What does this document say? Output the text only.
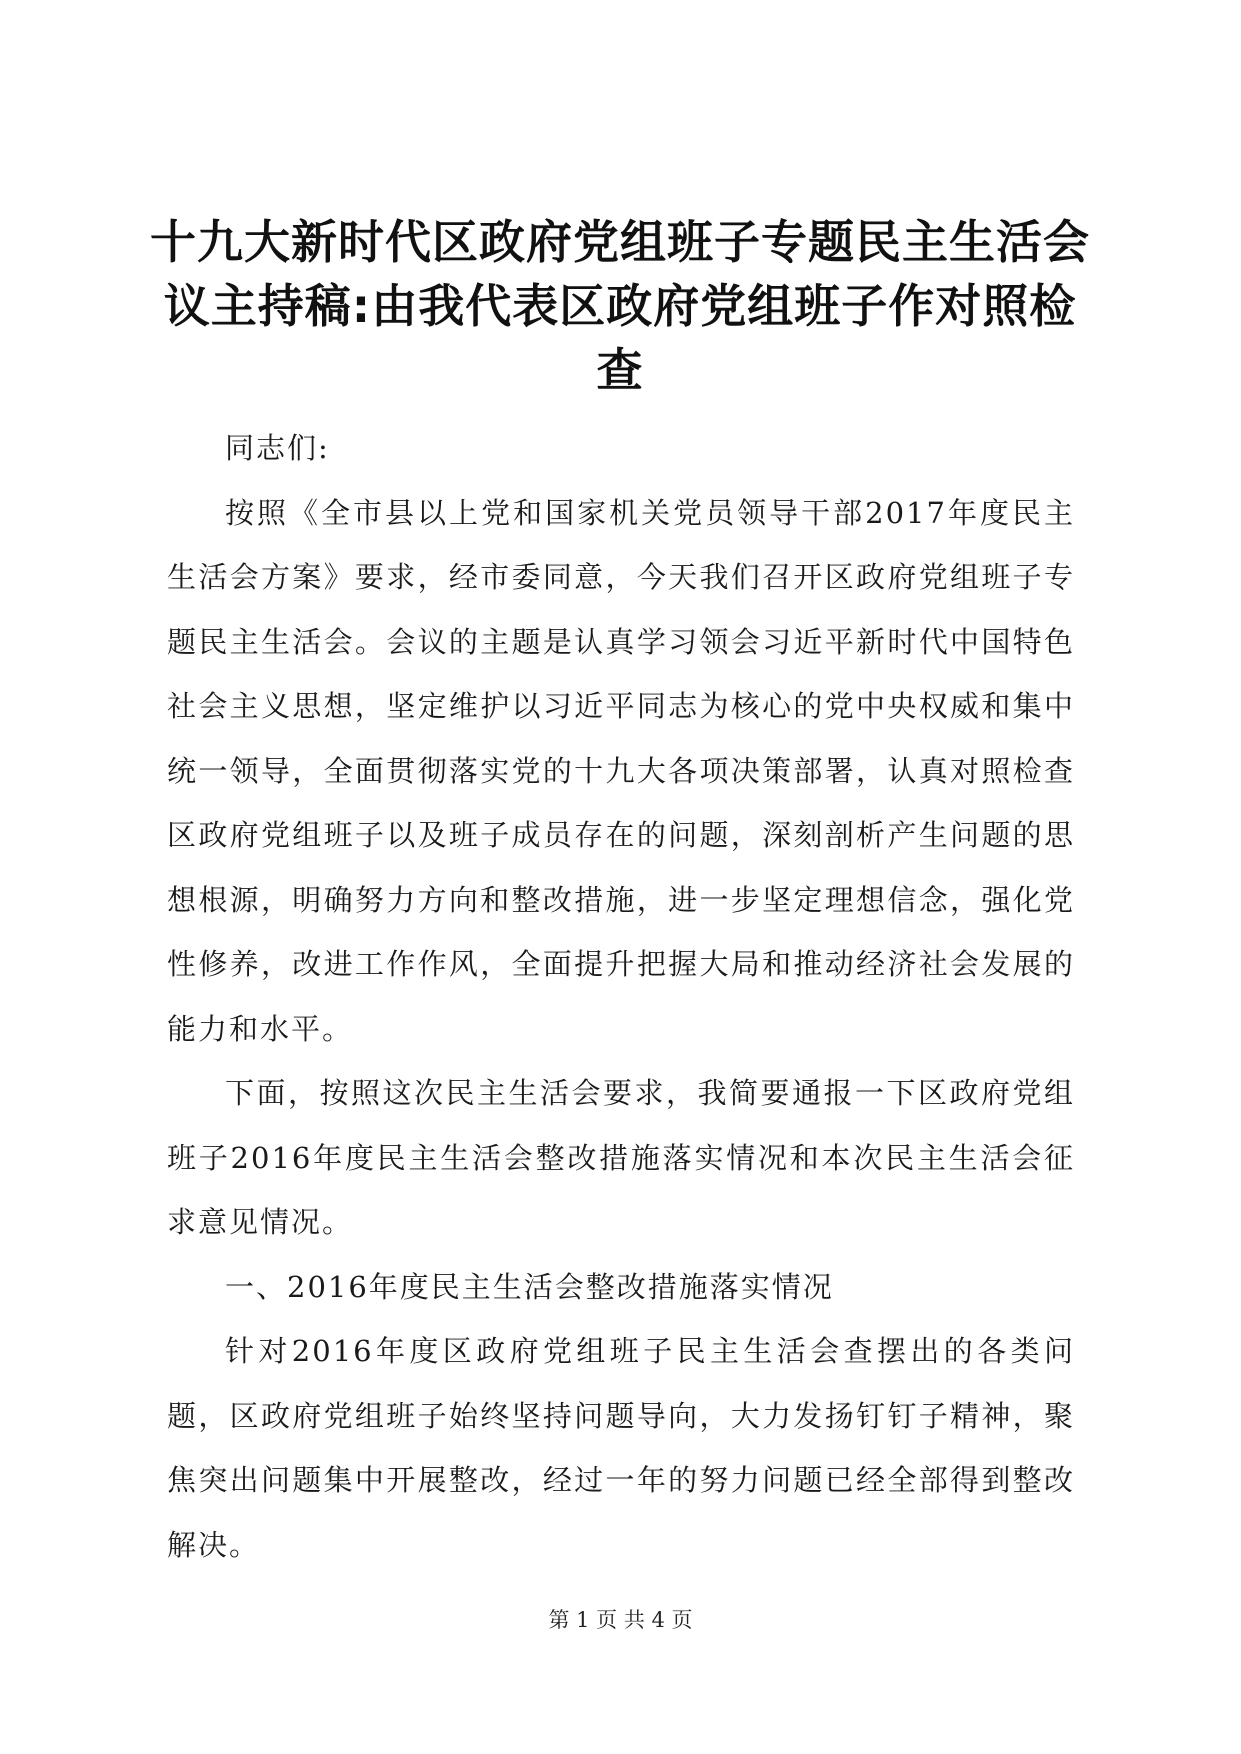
十九大新时代区政府党组班子专题民主生活会议主持稿:由我代表区政府党组班子作对照检查

同志们:

按照《全市县以上党和国家机关党员领导干部2017年度民主生活会方案》要求，经市委同意，今天我们召开区政府党组班子专题民主生活会。会议的主题是认真学习领会习近平新时代中国特色社会主义思想，坚定维护以习近平同志为核心的党中央权威和集中统一领导，全面贯彻落实党的十九大各项决策部署，认真对照检查区政府党组班子以及班子成员存在的问题，深刻剖析产生问题的思想根源，明确努力方向和整改措施，进一步坚定理想信念，强化党性修养，改进工作作风，全面提升把握大局和推动经济社会发展的能力和水平。

下面，按照这次民主生活会要求，我简要通报一下区政府党组班子2016年度民主生活会整改措施落实情况和本次民主生活会征求意见情况。

一、2016年度民主生活会整改措施落实情况

针对2016年度区政府党组班子民主生活会查摆出的各类问题，区政府党组班子始终坚持问题导向，大力发扬钉钉子精神，聚焦突出问题集中开展整改，经过一年的努力问题已经全部得到整改解决。

第 1 页 共 4 页
